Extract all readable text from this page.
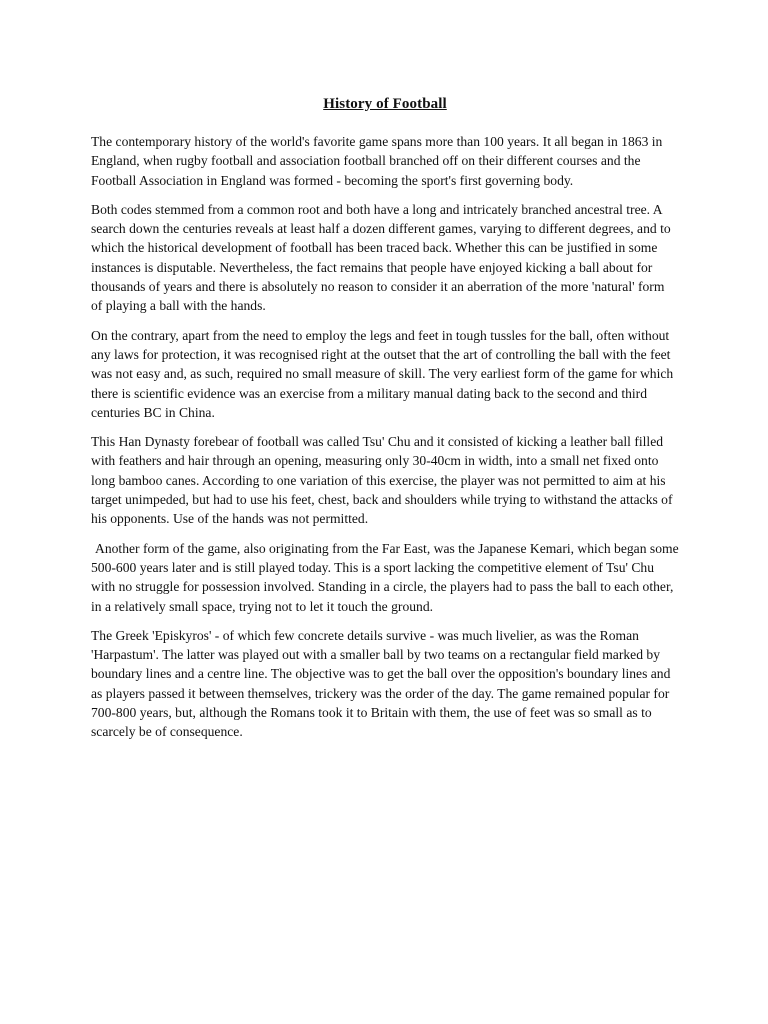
History of Football

The contemporary history of the world's favorite game spans more than 100 years. It all began in 1863 in England, when rugby football and association football branched off on their different courses and the Football Association in England was formed - becoming the sport's first governing body.

Both codes stemmed from a common root and both have a long and intricately branched ancestral tree. A search down the centuries reveals at least half a dozen different games, varying to different degrees, and to which the historical development of football has been traced back. Whether this can be justified in some instances is disputable. Nevertheless, the fact remains that people have enjoyed kicking a ball about for thousands of years and there is absolutely no reason to consider it an aberration of the more 'natural' form of playing a ball with the hands.

On the contrary, apart from the need to employ the legs and feet in tough tussles for the ball, often without any laws for protection, it was recognised right at the outset that the art of controlling the ball with the feet was not easy and, as such, required no small measure of skill. The very earliest form of the game for which there is scientific evidence was an exercise from a military manual dating back to the second and third centuries BC in China.

This Han Dynasty forebear of football was called Tsu' Chu and it consisted of kicking a leather ball filled with feathers and hair through an opening, measuring only 30-40cm in width, into a small net fixed onto long bamboo canes. According to one variation of this exercise, the player was not permitted to aim at his target unimpeded, but had to use his feet, chest, back and shoulders while trying to withstand the attacks of his opponents. Use of the hands was not permitted.

Another form of the game, also originating from the Far East, was the Japanese Kemari, which began some 500-600 years later and is still played today. This is a sport lacking the competitive element of Tsu' Chu with no struggle for possession involved. Standing in a circle, the players had to pass the ball to each other, in a relatively small space, trying not to let it touch the ground.

The Greek 'Episkyros' - of which few concrete details survive - was much livelier, as was the Roman 'Harpastum'. The latter was played out with a smaller ball by two teams on a rectangular field marked by boundary lines and a centre line. The objective was to get the ball over the opposition's boundary lines and as players passed it between themselves, trickery was the order of the day. The game remained popular for 700-800 years, but, although the Romans took it to Britain with them, the use of feet was so small as to scarcely be of consequence.
